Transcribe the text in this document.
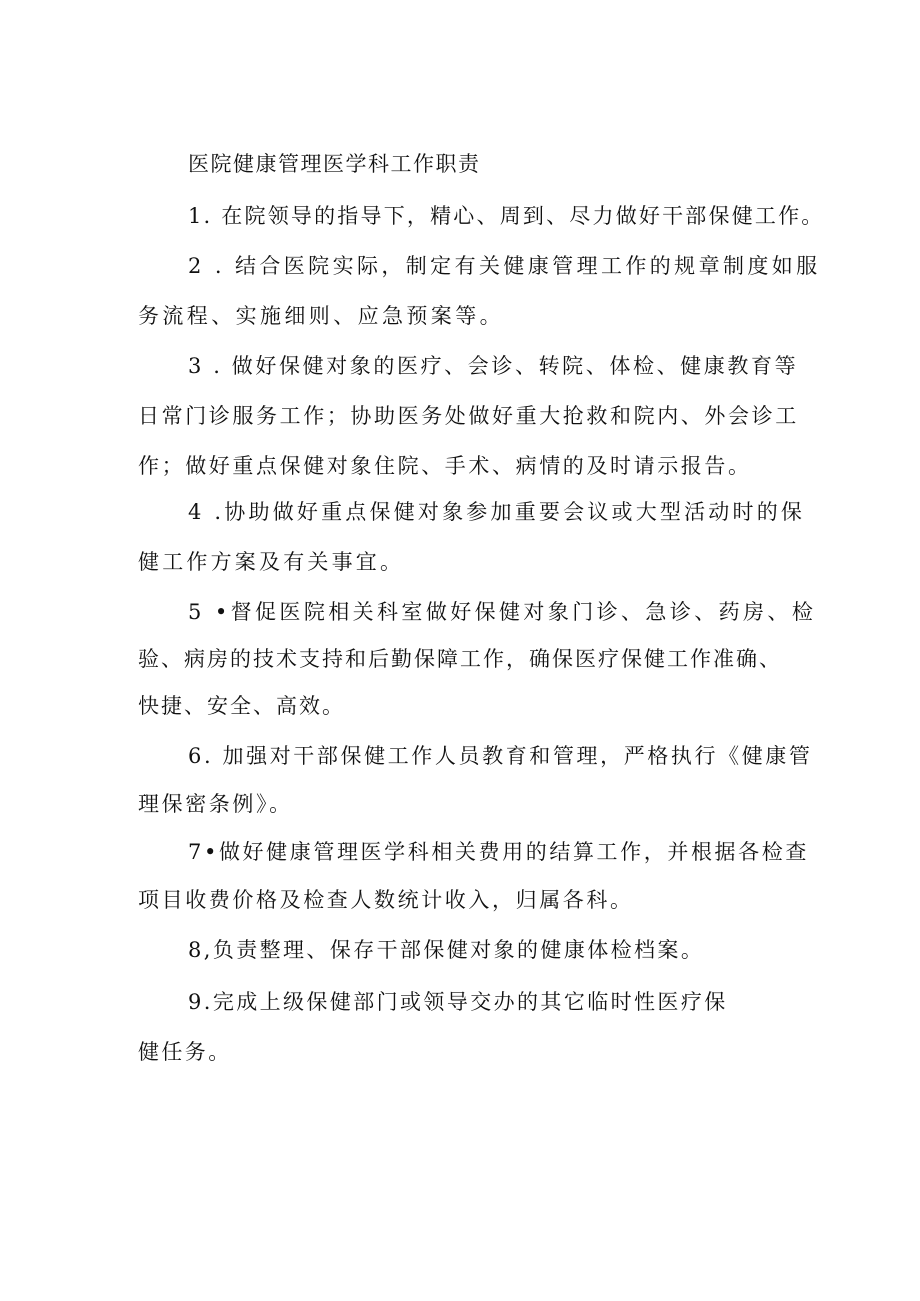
医院健康管理医学科工作职责

1. 在院领导的指导下，精心、周到、尽力做好干部保健工作。

2 . 结合医院实际，制定有关健康管理工作的规章制度如服

务流程、实施细则、应急预案等。

3 . 做好保健对象的医疗、会诊、转院、体检、健康教育等

日常门诊服务工作；协助医务处做好重大抢救和院内、外会诊工

作；做好重点保健对象住院、手术、病情的及时请示报告。

4 .协助做好重点保健对象参加重要会议或大型活动时的保

健工作方案及有关事宜。

5 •督促医院相关科室做好保健对象门诊、急诊、药房、检

验、病房的技术支持和后勤保障工作，确保医疗保健工作准确、

快捷、安全、高效。

6. 加强对干部保健工作人员教育和管理，严格执行《健康管

理保密条例》。

7•做好健康管理医学科相关费用的结算工作，并根据各检查

项目收费价格及检查人数统计收入，归属各科。

8,负责整理、保存干部保健对象的健康体检档案。

9.完成上级保健部门或领导交办的其它临时性医疗保

健任务。
